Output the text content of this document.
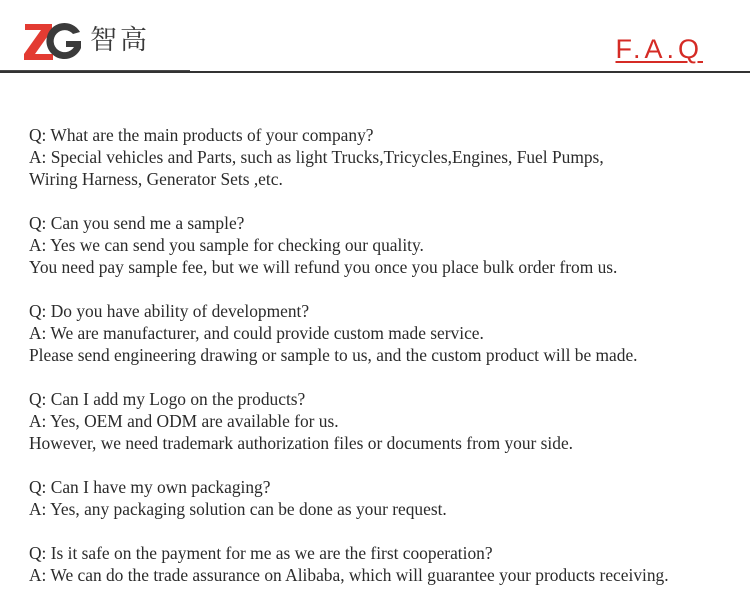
智高	F.A.Q

Q: What are the main products of your company?

A: Special vehicles and Parts, such as light Trucks,Tricycles,Engines, Fuel Pumps,

Wiring Harness, Generator Sets ,etc.

Q: Can you send me a sample?

A: Yes we can send you sample for checking our quality.

You need pay sample fee, but we will refund you once you place bulk order from us.

Q: Do you have ability of development?

A: We are manufacturer, and could provide custom made service.

Please send engineering drawing or sample to us, and the custom product will be made.

Q: Can I add my Logo on the products?

A: Yes, OEM and ODM are available for us.

However, we need trademark authorization files or documents from your side.

Q: Can I have my own packaging?

A: Yes, any packaging solution can be done as your request.

Q: Is it safe on the payment for me as we are the first cooperation?

A: We can do the trade assurance on Alibaba, which will guarantee your products receiving.
